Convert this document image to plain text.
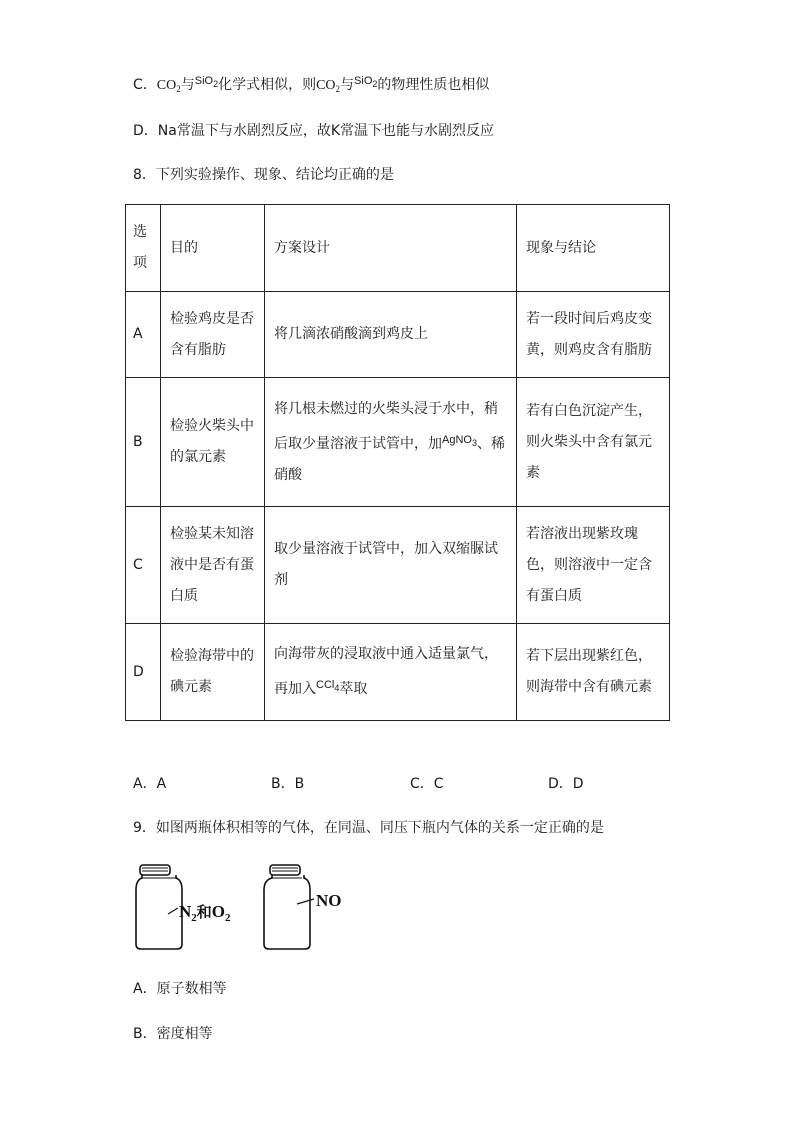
C．$CO_2$与$^{SiO_2}$化学式相似，则$CO_2$与$^{SiO_2}$的物理性质也相似
D．Na常温下与水剧烈反应，故K常温下也能与水剧烈反应
8．下列实验操作、现象、结论均正确的是
选
项	目的	方案设计	现象与结论
A	检验鸡皮是否含有脂肪	将几滴浓硝酸滴到鸡皮上	若一段时间后鸡皮变黄，则鸡皮含有脂肪
B	检验火柴头中的氯元素	将几根未燃过的火柴头浸于水中，稍后取少量溶液于试管中，加$^{AgNO_3}$、稀硝酸	若有白色沉淀产生，则火柴头中含有氯元素
C	检验某未知溶液中是否有蛋白质	取少量溶液于试管中，加入双缩脲试剂	若溶液出现紫玫瑰色，则溶液中一定含有蛋白质
D	检验海带中的碘元素	向海带灰的浸取液中通入适量氯气，再加入$^{CCl_4}$萃取	若下层出现紫红色，则海带中含有碘元素
A．A	B．B	C．C	D．D
9．如图两瓶体积相等的气体，在同温、同压下瓶内气体的关系一定正确的是
$N_2$和$O_2$
NO
A．原子数相等
B．密度相等
